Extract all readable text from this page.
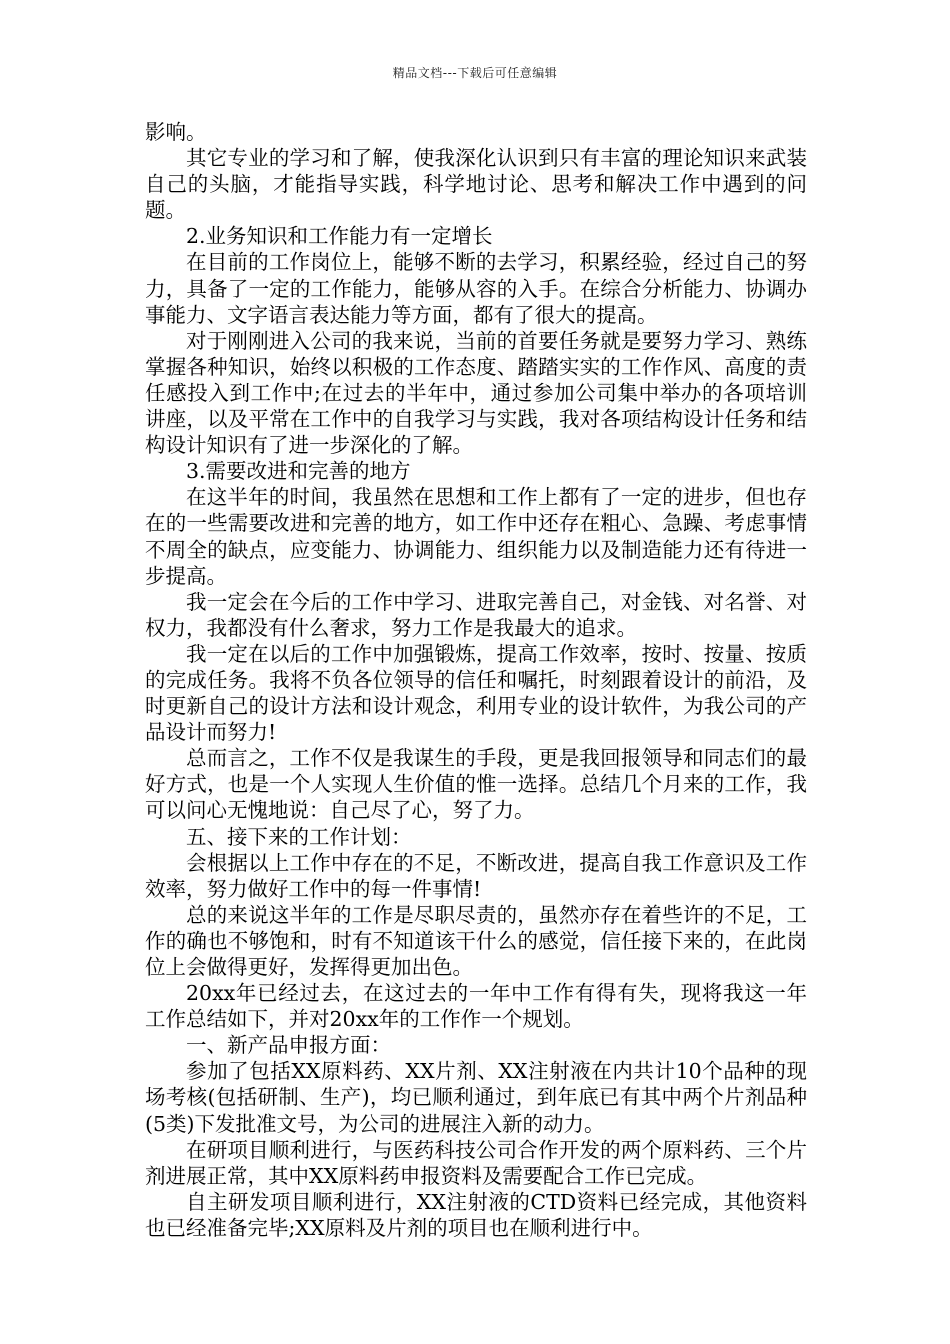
精品文档---下载后可任意编辑

影响。

其它专业的学习和了解，使我深化认识到只有丰富的理论知识来武装自己的头脑，才能指导实践，科学地讨论、思考和解决工作中遇到的问题。

2.业务知识和工作能力有一定增长

在目前的工作岗位上，能够不断的去学习，积累经验，经过自己的努力，具备了一定的工作能力，能够从容的入手。在综合分析能力、协调办事能力、文字语言表达能力等方面，都有了很大的提高。

对于刚刚进入公司的我来说，当前的首要任务就是要努力学习、熟练掌握各种知识，始终以积极的工作态度、踏踏实实的工作作风、高度的责任感投入到工作中;在过去的半年中，通过参加公司集中举办的各项培训讲座，以及平常在工作中的自我学习与实践，我对各项结构设计任务和结构设计知识有了进一步深化的了解。

3.需要改进和完善的地方

在这半年的时间，我虽然在思想和工作上都有了一定的进步，但也存在的一些需要改进和完善的地方，如工作中还存在粗心、急躁、考虑事情不周全的缺点，应变能力、协调能力、组织能力以及制造能力还有待进一步提高。

我一定会在今后的工作中学习、进取完善自己，对金钱、对名誉、对权力，我都没有什么奢求，努力工作是我最大的追求。

我一定在以后的工作中加强锻炼，提高工作效率，按时、按量、按质的完成任务。我将不负各位领导的信任和嘱托，时刻跟着设计的前沿，及时更新自己的设计方法和设计观念，利用专业的设计软件，为我公司的产品设计而努力!

总而言之，工作不仅是我谋生的手段，更是我回报领导和同志们的最好方式，也是一个人实现人生价值的惟一选择。总结几个月来的工作，我可以问心无愧地说：自己尽了心，努了力。

五、接下来的工作计划：

会根据以上工作中存在的不足，不断改进，提高自我工作意识及工作效率，努力做好工作中的每一件事情!

总的来说这半年的工作是尽职尽责的，虽然亦存在着些许的不足，工作的确也不够饱和，时有不知道该干什么的感觉，信任接下来的，在此岗位上会做得更好，发挥得更加出色。

20xx年已经过去，在这过去的一年中工作有得有失，现将我这一年工作总结如下，并对20xx年的工作作一个规划。

一、新产品申报方面：

参加了包括XX原料药、XX片剂、XX注射液在内共计10个品种的现场考核(包括研制、生产)，均已顺利通过，到年底已有其中两个片剂品种(5类)下发批准文号，为公司的进展注入新的动力。

在研项目顺利进行，与医药科技公司合作开发的两个原料药、三个片剂进展正常，其中XX原料药申报资料及需要配合工作已完成。

自主研发项目顺利进行，XX注射液的CTD资料已经完成，其他资料也已经准备完毕;XX原料及片剂的项目也在顺利进行中。
